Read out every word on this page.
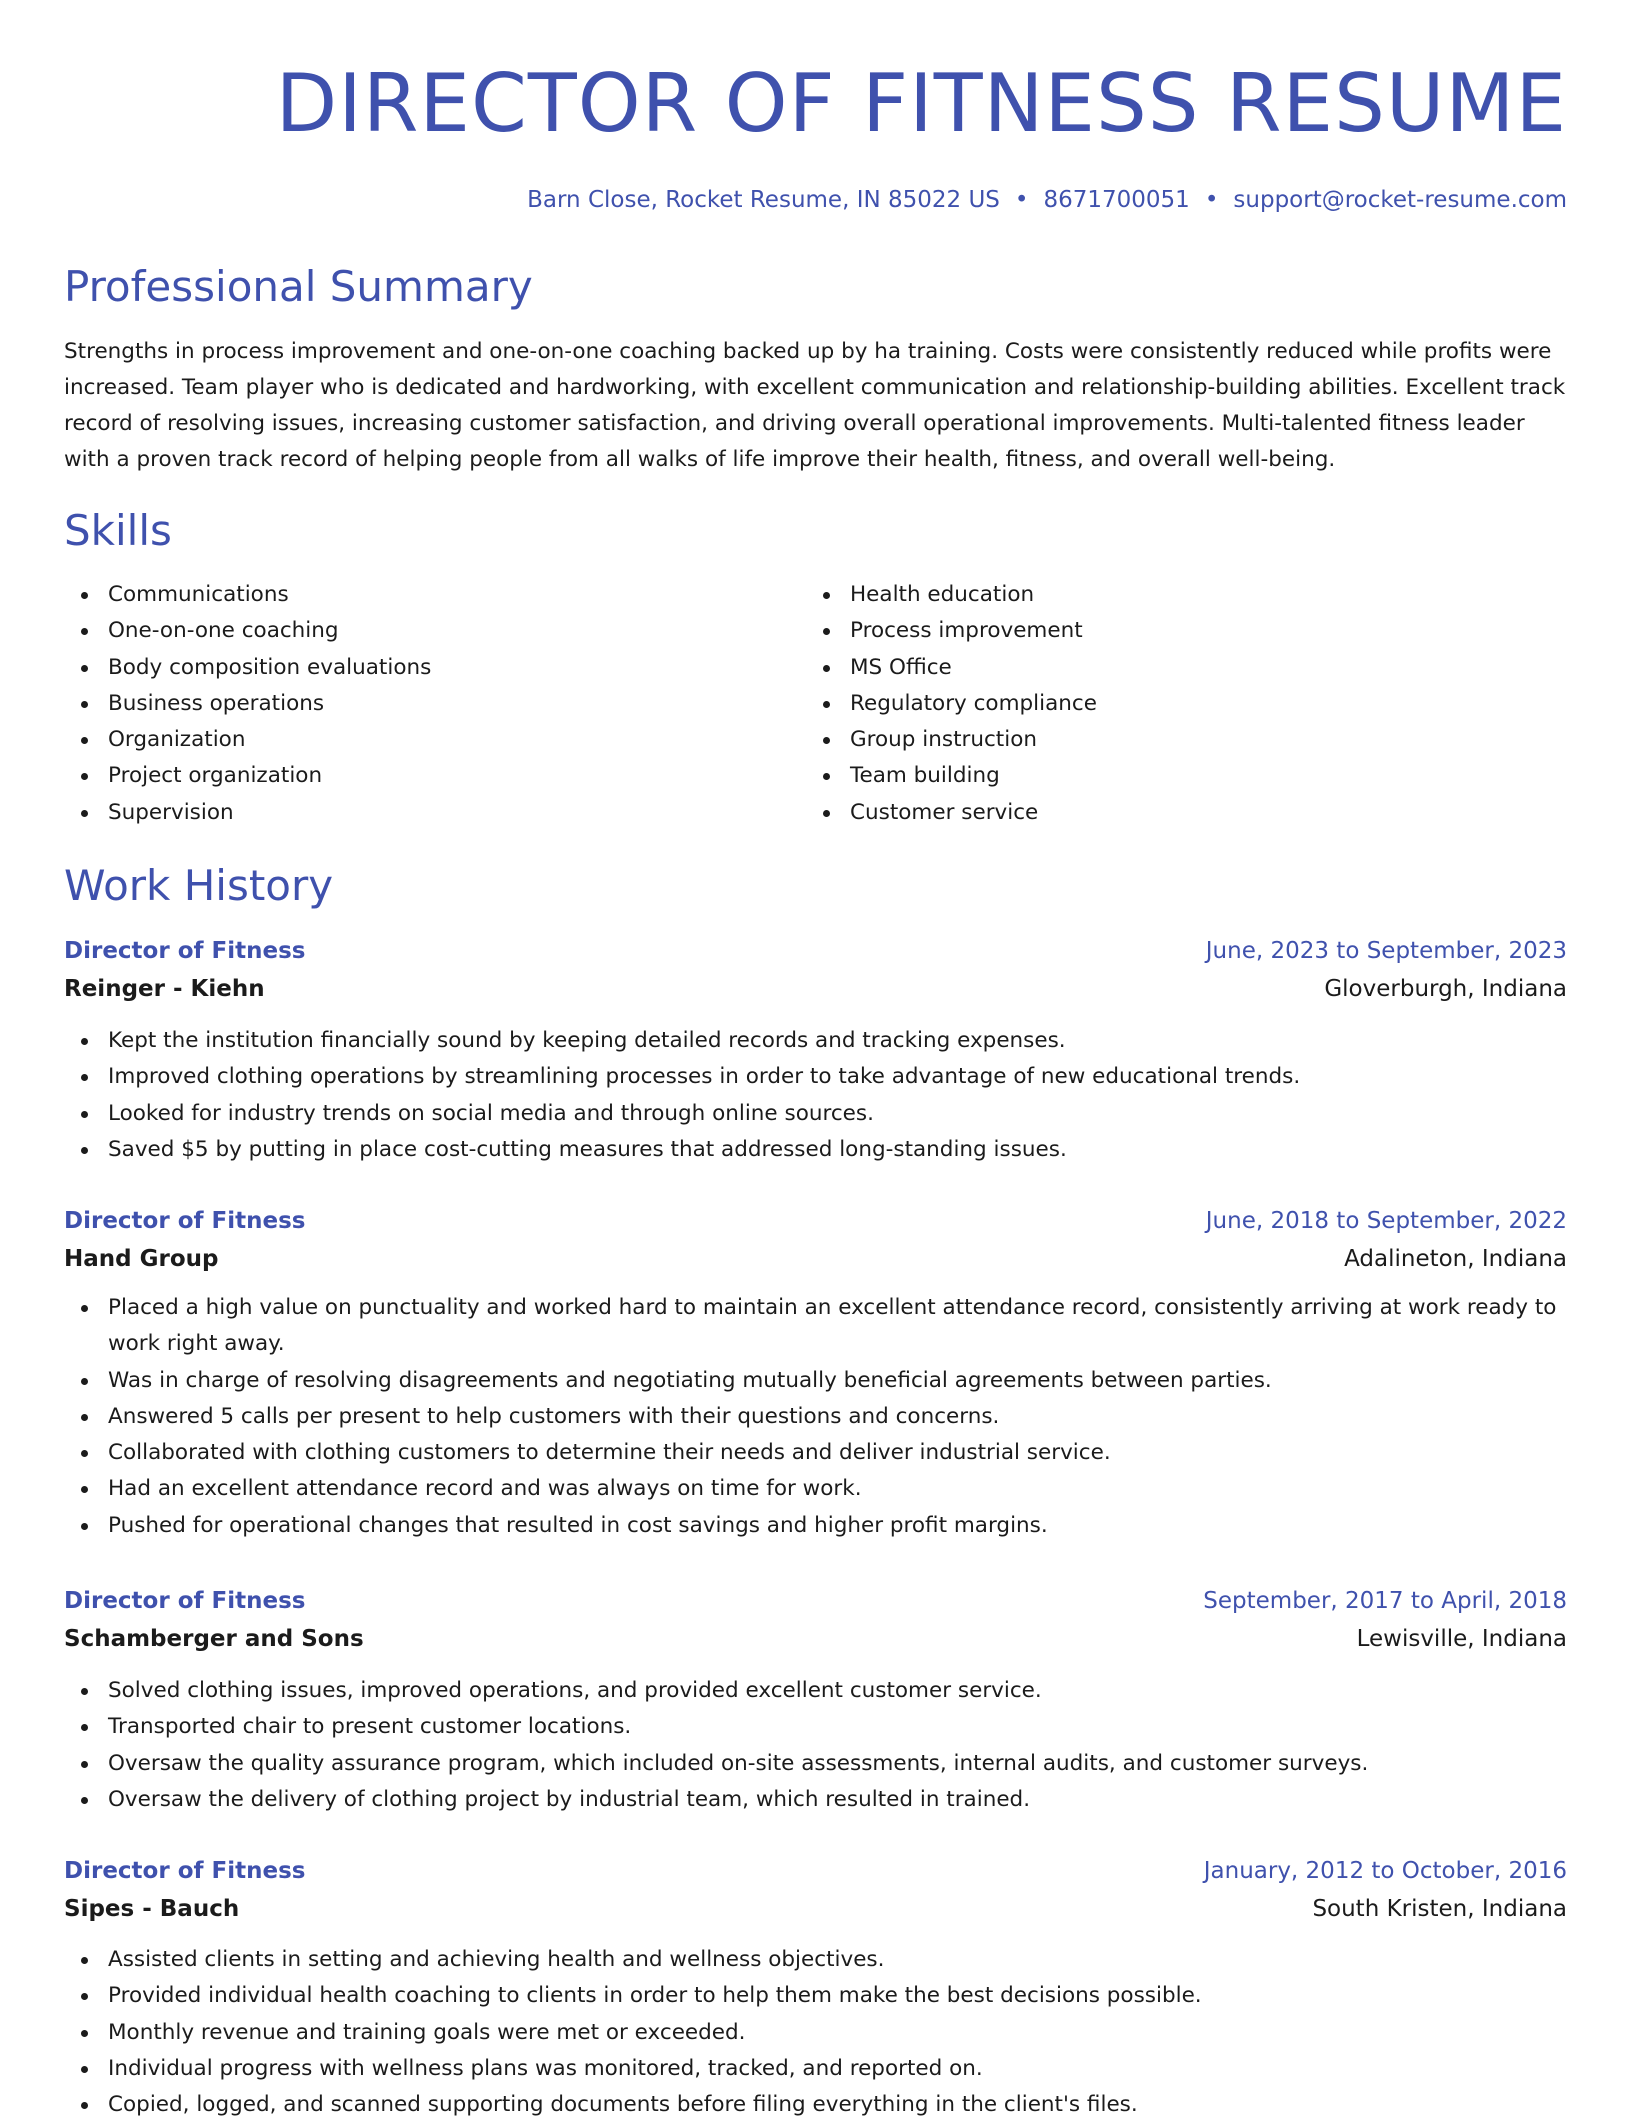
DIRECTOR OF FITNESS RESUME
Barn Close, Rocket Resume, IN 85022 US • 8671700051 • support@rocket-resume.com
Professional Summary

Strengths in process improvement and one-on-one coaching backed up by ha training. Costs were consistently reduced while profits were increased. Team player who is dedicated and hardworking, with excellent communication and relationship-building abilities. Excellent track record of resolving issues, increasing customer satisfaction, and driving overall operational improvements. Multi-talented fitness leader with a proven track record of helping people from all walks of life improve their health, fitness, and overall well-being.

Skills
Communications
One-on-one coaching
Body composition evaluations
Business operations
Organization
Project organization
Supervision
Health education
Process improvement
MS Office
Regulatory compliance
Group instruction
Team building
Customer service
Work History
Director of Fitness	June, 2023 to September, 2023
Reinger - Kiehn	Gloverburgh, Indiana
Kept the institution financially sound by keeping detailed records and tracking expenses.
Improved clothing operations by streamlining processes in order to take advantage of new educational trends.
Looked for industry trends on social media and through online sources.
Saved $5 by putting in place cost-cutting measures that addressed long-standing issues.
Director of Fitness	June, 2018 to September, 2022
Hand Group	Adalineton, Indiana
Placed a high value on punctuality and worked hard to maintain an excellent attendance record, consistently arriving at work ready to work right away.
Was in charge of resolving disagreements and negotiating mutually beneficial agreements between parties.
Answered 5 calls per present to help customers with their questions and concerns.
Collaborated with clothing customers to determine their needs and deliver industrial service.
Had an excellent attendance record and was always on time for work.
Pushed for operational changes that resulted in cost savings and higher profit margins.
Director of Fitness	September, 2017 to April, 2018
Schamberger and Sons	Lewisville, Indiana
Solved clothing issues, improved operations, and provided excellent customer service.
Transported chair to present customer locations.
Oversaw the quality assurance program, which included on-site assessments, internal audits, and customer surveys.
Oversaw the delivery of clothing project by industrial team, which resulted in trained.
Director of Fitness	January, 2012 to October, 2016
Sipes - Bauch	South Kristen, Indiana
Assisted clients in setting and achieving health and wellness objectives.
Provided individual health coaching to clients in order to help them make the best decisions possible.
Monthly revenue and training goals were met or exceeded.
Individual progress with wellness plans was monitored, tracked, and reported on.
Copied, logged, and scanned supporting documents before filing everything in the client's files.
